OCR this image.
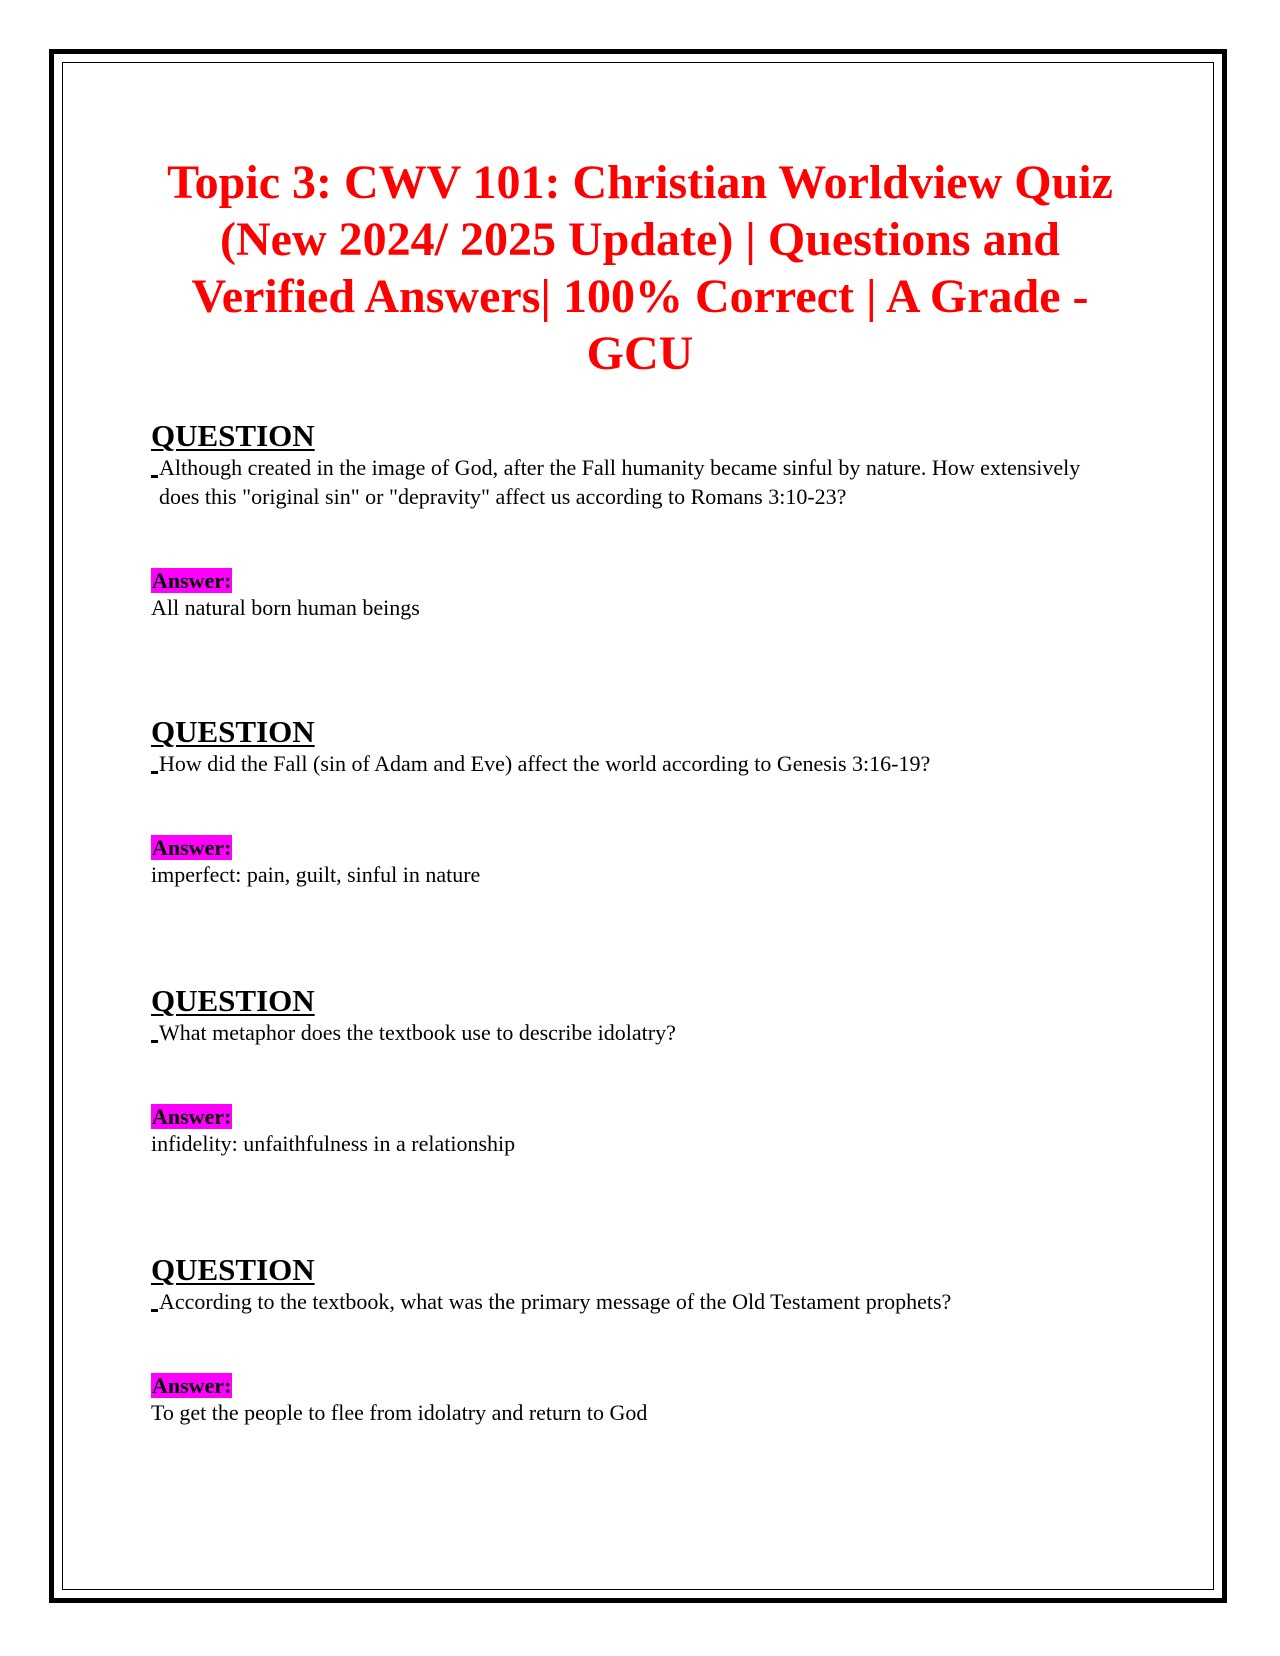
Topic 3: CWV 101: Christian Worldview Quiz (New 2024/ 2025 Update) | Questions and Verified Answers| 100% Correct | A Grade -GCU
QUESTION
Although created in the image of God, after the Fall humanity became sinful by nature. How extensively does this "original sin" or "depravity" affect us according to Romans 3:10-23?
Answer:
All natural born human beings
QUESTION
How did the Fall (sin of Adam and Eve) affect the world according to Genesis 3:16-19?
Answer:
imperfect: pain, guilt, sinful in nature
QUESTION
What metaphor does the textbook use to describe idolatry?
Answer:
infidelity: unfaithfulness in a relationship
QUESTION
According to the textbook, what was the primary message of the Old Testament prophets?
Answer:
To get the people to flee from idolatry and return to God
